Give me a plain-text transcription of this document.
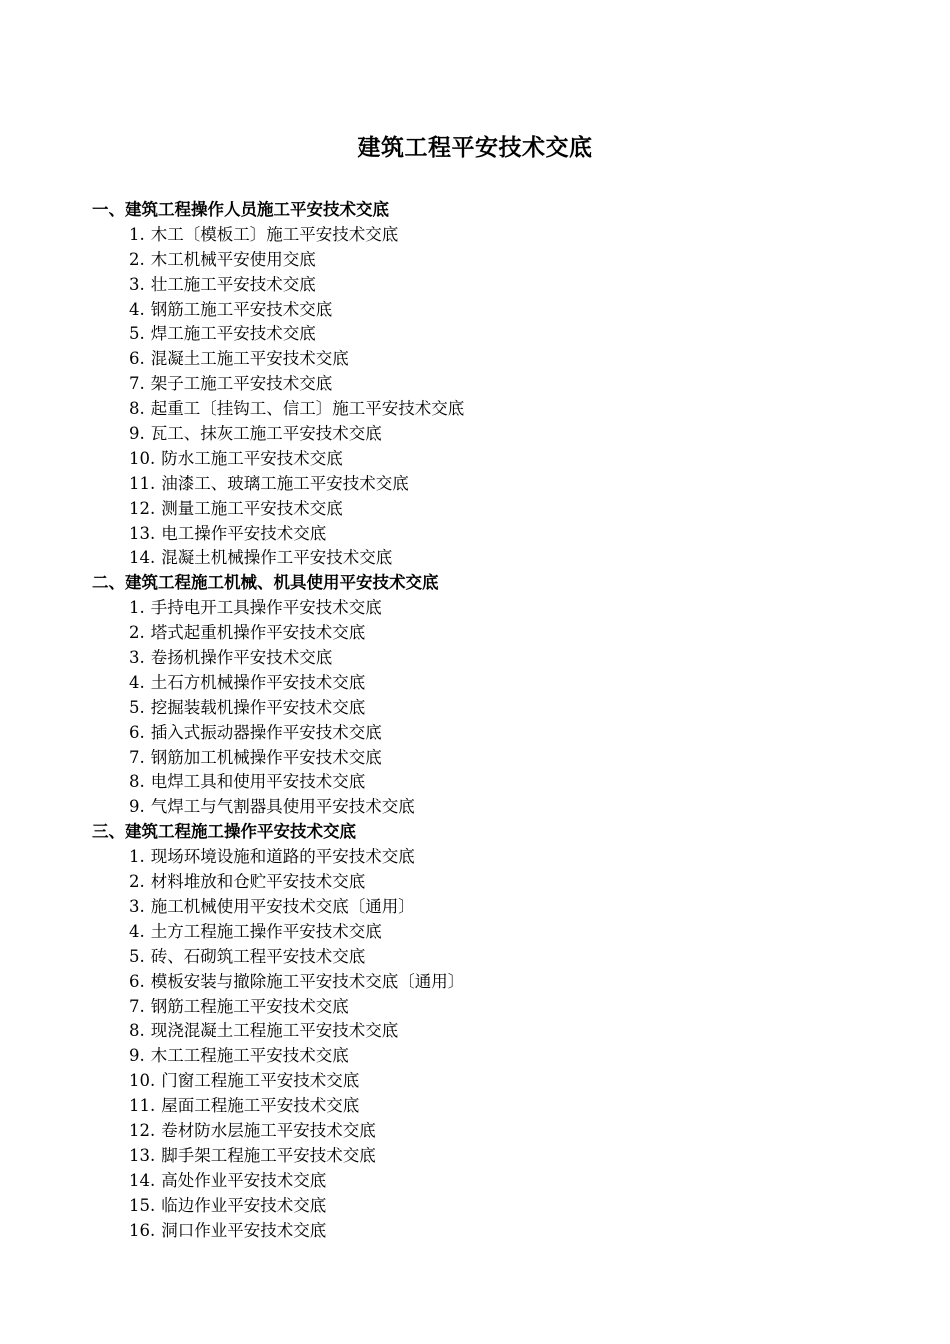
建筑工程平安技术交底
一、建筑工程操作人员施工平安技术交底
1. 木工〔模板工〕施工平安技术交底
2. 木工机械平安使用交底
3. 壮工施工平安技术交底
4. 钢筋工施工平安技术交底
5. 焊工施工平安技术交底
6. 混凝土工施工平安技术交底
7. 架子工施工平安技术交底
8. 起重工〔挂钩工、信工〕施工平安技术交底
9. 瓦工、抹灰工施工平安技术交底
10. 防水工施工平安技术交底
11. 油漆工、玻璃工施工平安技术交底
12. 测量工施工平安技术交底
13. 电工操作平安技术交底
14. 混凝土机械操作工平安技术交底
二、建筑工程施工机械、机具使用平安技术交底
1. 手持电开工具操作平安技术交底
2. 塔式起重机操作平安技术交底
3. 卷扬机操作平安技术交底
4. 土石方机械操作平安技术交底
5. 挖掘装载机操作平安技术交底
6. 插入式振动器操作平安技术交底
7. 钢筋加工机械操作平安技术交底
8. 电焊工具和使用平安技术交底
9. 气焊工与气割器具使用平安技术交底
三、建筑工程施工操作平安技术交底
1. 现场环境设施和道路的平安技术交底
2. 材料堆放和仓贮平安技术交底
3. 施工机械使用平安技术交底〔通用〕
4. 土方工程施工操作平安技术交底
5. 砖、石砌筑工程平安技术交底
6. 模板安装与撤除施工平安技术交底〔通用〕
7. 钢筋工程施工平安技术交底
8. 现浇混凝土工程施工平安技术交底
9. 木工工程施工平安技术交底
10. 门窗工程施工平安技术交底
11. 屋面工程施工平安技术交底
12. 卷材防水层施工平安技术交底
13. 脚手架工程施工平安技术交底
14. 高处作业平安技术交底
15. 临边作业平安技术交底
16. 洞口作业平安技术交底
